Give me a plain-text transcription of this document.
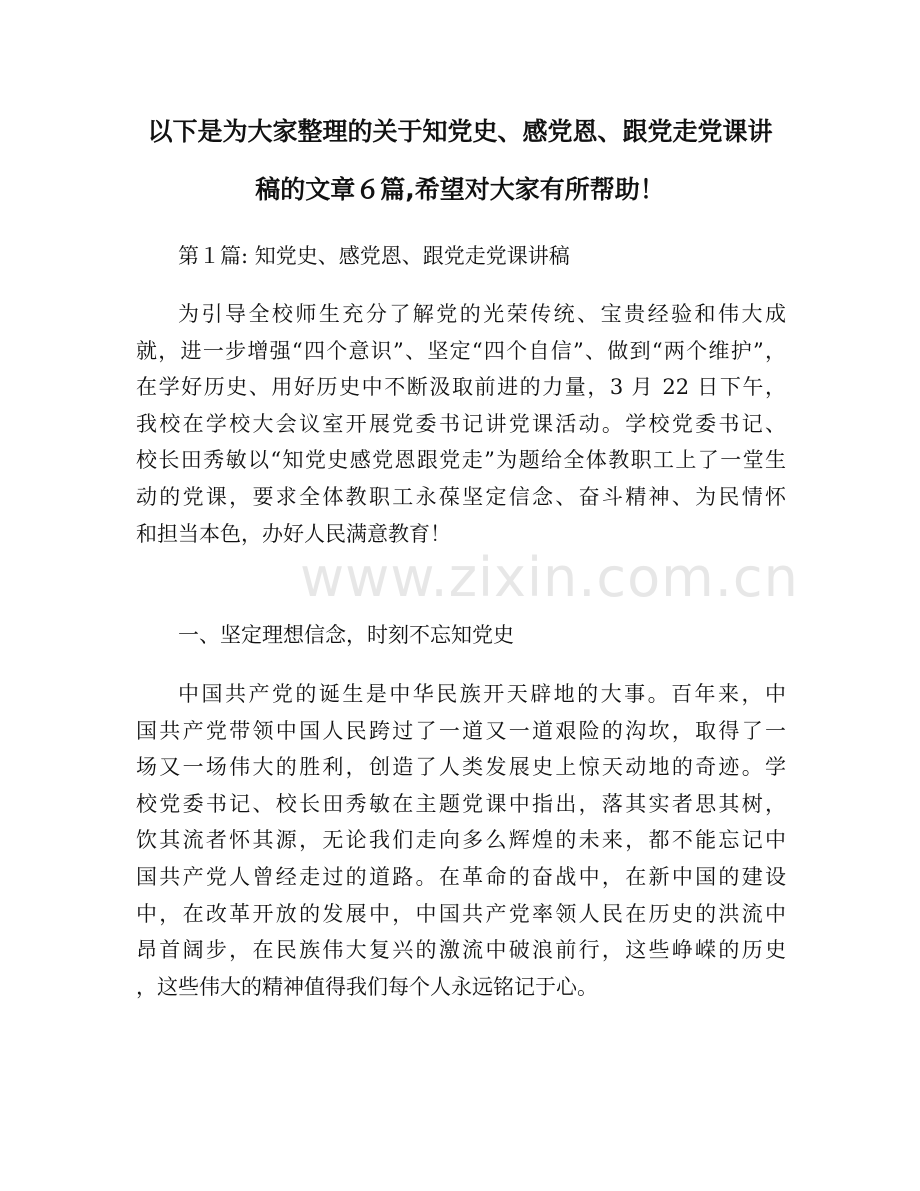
以下是为大家整理的关于知党史、感党恩、跟党走党课讲
稿的文章６篇,希望对大家有所帮助！
第１篇: 知党史、感党恩、跟党走党课讲稿
为引导全校师生充分了解党的光荣传统、宝贵经验和伟大成
就，进一步增强“四个意识”、坚定“四个自信”、做到“两个维护”，
在学好历史、用好历史中不断汲取前进的力量，3 月 22 日下午，
我校在学校大会议室开展党委书记讲党课活动。学校党委书记、
校长田秀敏以“知党史感党恩跟党走”为题给全体教职工上了一堂生
动的党课，要求全体教职工永葆坚定信念、奋斗精神、为民情怀
和担当本色，办好人民满意教育！
一、坚定理想信念，时刻不忘知党史
中国共产党的诞生是中华民族开天辟地的大事。百年来，中
国共产党带领中国人民跨过了一道又一道艰险的沟坎，取得了一
场又一场伟大的胜利，创造了人类发展史上惊天动地的奇迹。学
校党委书记、校长田秀敏在主题党课中指出，落其实者思其树，
饮其流者怀其源，无论我们走向多么辉煌的未来，都不能忘记中
国共产党人曾经走过的道路。在革命的奋战中，在新中国的建设
中，在改革开放的发展中，中国共产党率领人民在历史的洪流中
昂首阔步，在民族伟大复兴的激流中破浪前行，这些峥嵘的历史
，这些伟大的精神值得我们每个人永远铭记于心。
www.zixin.com.cn
